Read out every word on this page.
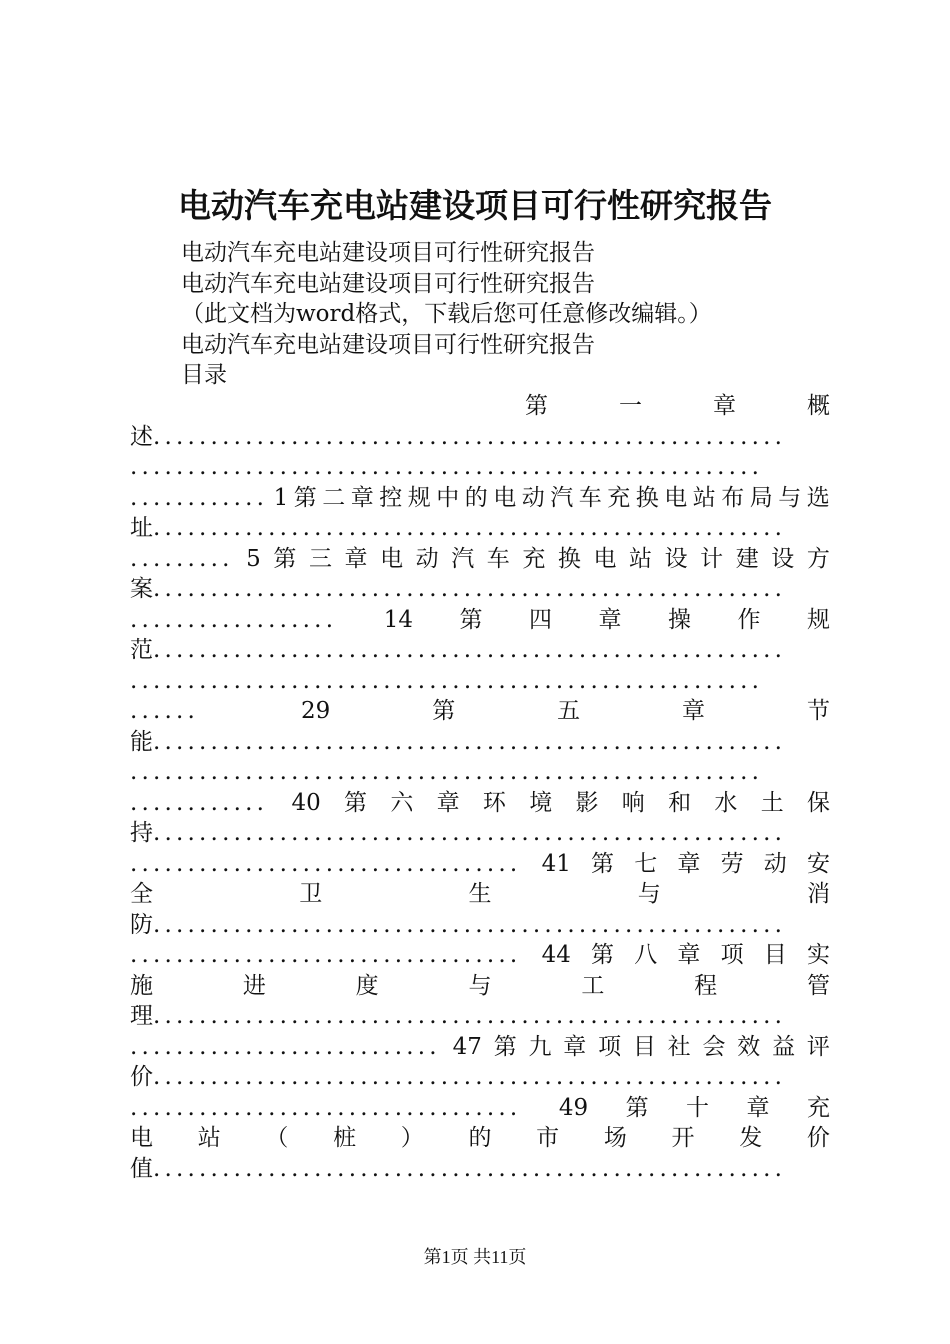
电动汽车充电站建设项目可行性研究报告
电动汽车充电站建设项目可行性研究报告
电动汽车充电站建设项目可行性研究报告
（此文档为word格式，下载后您可任意修改编辑。）
电动汽车充电站建设项目可行性研究报告
目录
第	一	章	概
述 .......................................................
.......................................................
............ 1 第 二 章 控 规 中 的 电 动 汽 车 充 换 电 站 布 局 与 选
址 .......................................................
......... 5 第 三 章 电 动 汽 车 充 换 电 站 设 计 建 设 方
案 .......................................................
.................. 14 第 四 章 操 作 规
范 .......................................................
.......................................................
......	29	第	五	章	节
能 .......................................................
.......................................................
............ 40 第 六 章 环 境 影 响 和 水 土 保
持 .......................................................
.................................. 41 第 七 章 劳 动 安
全	卫	生	与	消
防 .......................................................
.................................. 44 第 八 章 项 目 实
施	进	度	与	工	程	管
理 .......................................................
........................... 47 第 九 章 项 目 社 会 效 益 评
价 .......................................................
.................................. 49 第 十 章 充
电 站 （ 桩 ） 的 市 场 开 发 价
值 .......................................................
第1页 共11页
